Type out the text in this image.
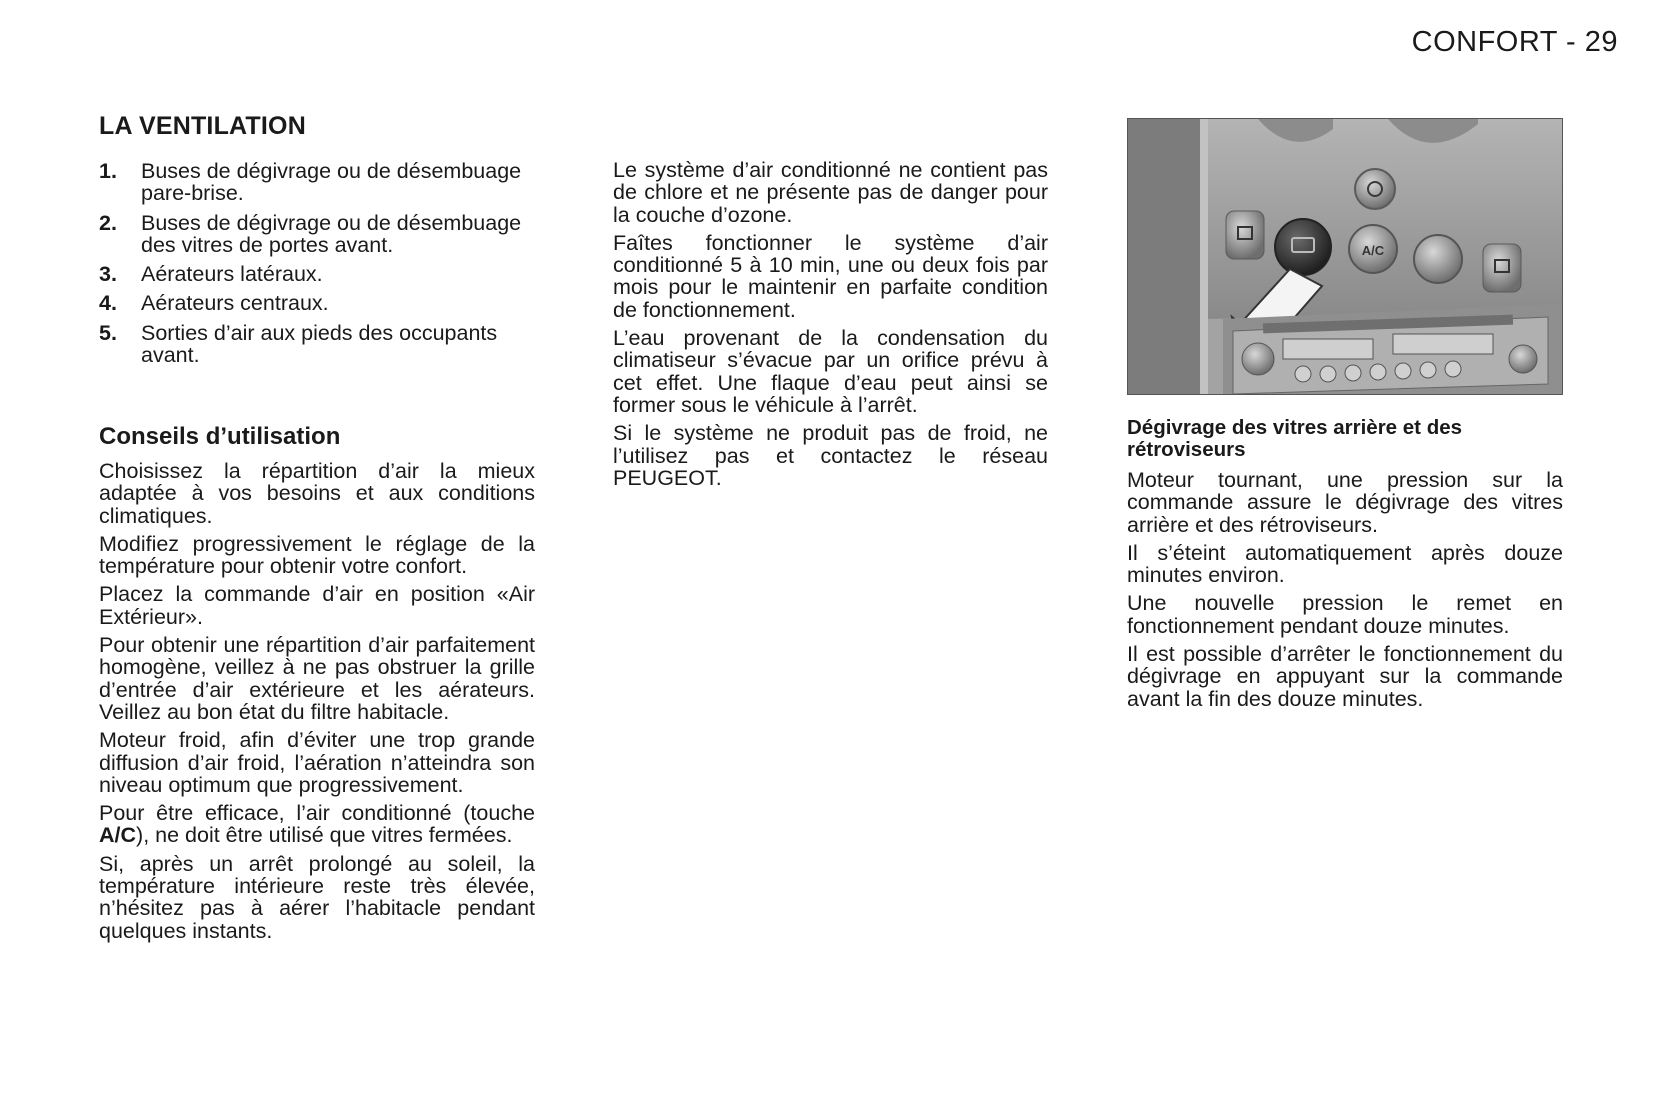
CONFORT - 29
LA VENTILATION
1.	Buses de dégivrage ou de désembuage pare-brise.
2.	Buses de dégivrage ou de désembuage des vitres de portes avant.
3.	Aérateurs latéraux.
4.	Aérateurs centraux.
5.	Sorties d’air aux pieds des occupants avant.
Conseils d’utilisation

Choisissez la répartition d’air la mieux adaptée à vos besoins et aux conditions climatiques.

Modifiez progressivement le réglage de la température pour obtenir votre confort.

Placez la commande d’air en position «Air Extérieur».

Pour obtenir une répartition d’air parfaitement homogène, veillez à ne pas obstruer la grille d’entrée d’air extérieure et les aérateurs. Veillez au bon état du filtre habitacle.

Moteur froid, afin d’éviter une trop grande diffusion d’air froid, l’aération n’atteindra son niveau optimum que progressivement.

Pour être efficace, l’air conditionné (touche A/C), ne doit être utilisé que vitres fermées.

Si, après un arrêt prolongé au soleil, la température intérieure reste très élevée, n’hésitez pas à aérer l’habitacle pendant quelques instants.

Le système d’air conditionné ne contient pas de chlore et ne présente pas de danger pour la couche d’ozone.

Faîtes fonctionner le système d’air conditionné 5 à 10 min, une ou deux fois par mois pour le maintenir en parfaite condition de fonctionnement.

L’eau provenant de la condensation du climatiseur s’évacue par un orifice prévu à cet effet. Une flaque d’eau peut ainsi se former sous le véhicule à l’arrêt.

Si le système ne produit pas de froid, ne l’utilisez pas et contactez le réseau PEUGEOT.

A/C
Dégivrage des vitres arrière et des rétroviseurs

Moteur tournant, une pression sur la commande assure le dégivrage des vitres arrière et des rétroviseurs.

Il s’éteint automatiquement après douze minutes environ.

Une nouvelle pression le remet en fonctionnement pendant douze minutes.

Il est possible d’arrêter le fonctionnement du dégivrage en appuyant sur la commande avant la fin des douze minutes.
